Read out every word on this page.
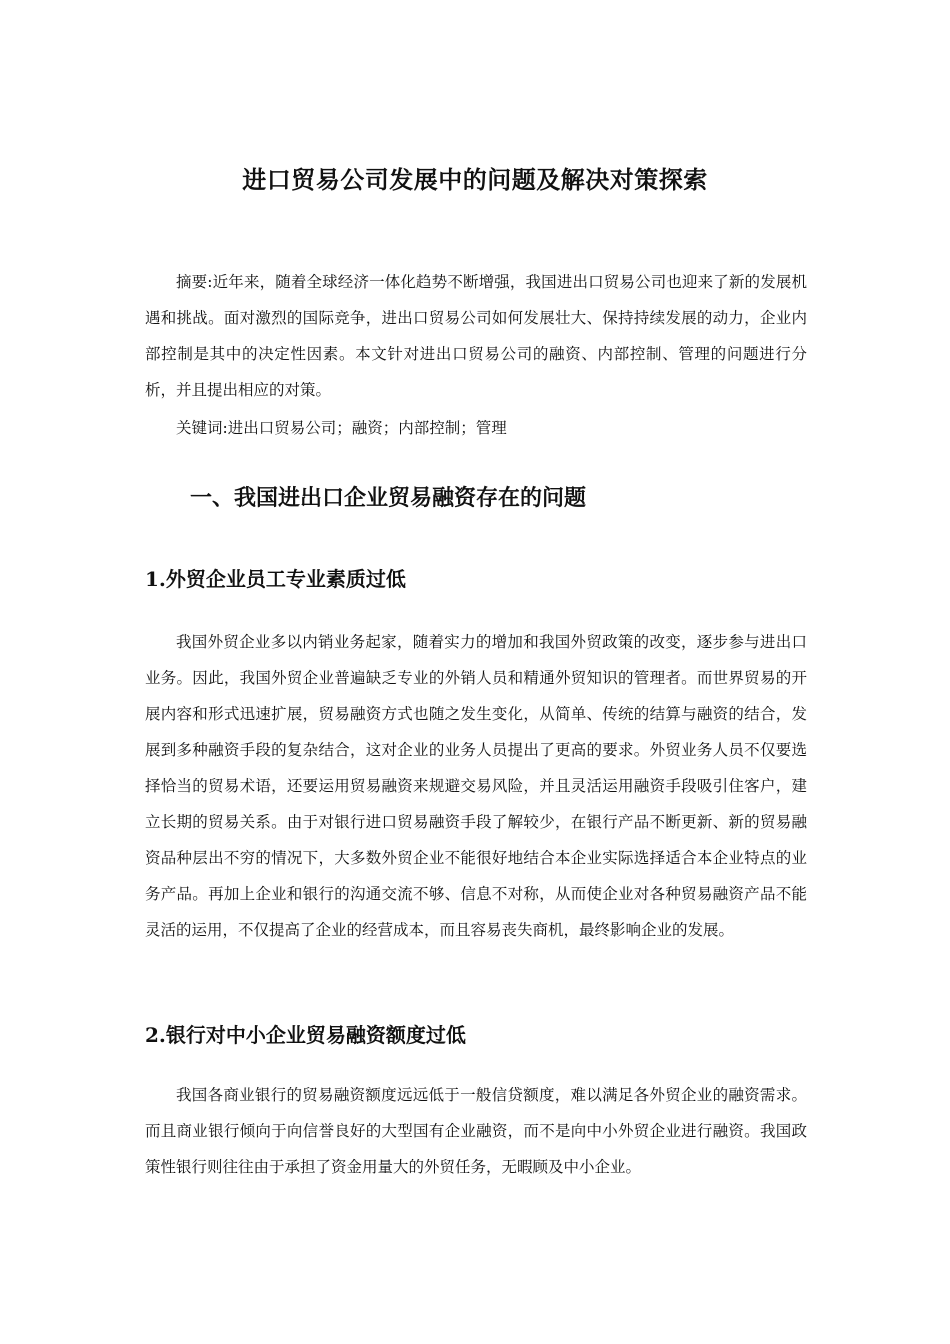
进口贸易公司发展中的问题及解决对策探索
摘要:近年来，随着全球经济一体化趋势不断增强，我国进出口贸易公司也迎来了新的发展机遇和挑战。面对激烈的国际竞争，进出口贸易公司如何发展壮大、保持持续发展的动力，企业内部控制是其中的决定性因素。本文针对进出口贸易公司的融资、内部控制、管理的问题进行分析，并且提出相应的对策。
关键词:进出口贸易公司；融资；内部控制；管理
一、我国进出口企业贸易融资存在的问题
1.外贸企业员工专业素质过低
我国外贸企业多以内销业务起家，随着实力的增加和我国外贸政策的改变，逐步参与进出口业务。因此，我国外贸企业普遍缺乏专业的外销人员和精通外贸知识的管理者。而世界贸易的开展内容和形式迅速扩展，贸易融资方式也随之发生变化，从简单、传统的结算与融资的结合，发展到多种融资手段的复杂结合，这对企业的业务人员提出了更高的要求。外贸业务人员不仅要选择恰当的贸易术语，还要运用贸易融资来规避交易风险，并且灵活运用融资手段吸引住客户，建立长期的贸易关系。由于对银行进口贸易融资手段了解较少，在银行产品不断更新、新的贸易融资品种层出不穷的情况下，大多数外贸企业不能很好地结合本企业实际选择适合本企业特点的业务产品。再加上企业和银行的沟通交流不够、信息不对称，从而使企业对各种贸易融资产品不能灵活的运用，不仅提高了企业的经营成本，而且容易丧失商机，最终影响企业的发展。
2.银行对中小企业贸易融资额度过低
我国各商业银行的贸易融资额度远远低于一般信贷额度，难以满足各外贸企业的融资需求。而且商业银行倾向于向信誉良好的大型国有企业融资，而不是向中小外贸企业进行融资。我国政策性银行则往往由于承担了资金用量大的外贸任务，无暇顾及中小企业。
